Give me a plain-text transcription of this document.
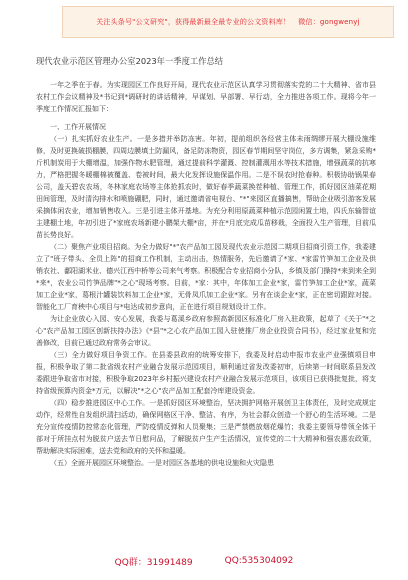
关注头条号"公文研究"，获得最新最全最专业的公文资料库！ 微信：gongwenyj
现代农业示范区管理办公室2023年一季度工作总结

一年之季在于春。为实现园区工作良好开局，现代农业示范区认真学习贯彻落实党的二十大精神、省市县农村工作会议精神及*书记到*调研时的讲话精神，早谋划、早部署、早行动，全力推进各项工作。现将今年一季度工作情况汇报如下：

一、工作开展情况

（一）扎实抓好农业生产。一是多措并举防冻害。年初，提前组织各经营主体未雨绸缪开展大棚设施维修，及时更换破损棚膜，四周边膜填土防漏风，备足防冻物资，园区春节期间坚守岗位，多方调集，紧急采购*斤机制炭用于大棚增温，加强作物水肥管理，通过提前科学灌溉、控制灌溉用水等技术措施，增强蔬菜的抗寒力，严格把握冬暖棚棉被覆盖、卷被时间，最大化发挥设施保温作用。二是不误农时抢春种。积极协助锅果春公司，盖天碧农农场，冬林家庭农场等主体抢抓农时，做好春季蔬菜换茬种植、管理工作，抓好园区油菜花期田间管理，及时清沟排水和喷施硼肥，同时，通过邀请省电视台、"*"来园区直播搞售，帮助企业吸引游客发展采摘体闲农业，增加销售收入。三是引进主体开基地。为充分利用原蔬菜种植示范园闲置土地，四氏东输智谊主建棚土地，年初引进了*家庭农场新建小鹏架大棚*亩，并在*月底完成瓜苗移栽，全面投入生产管理，目前瓜苗长势良好。

（二）聚焦产业项目招商。为全力做好"*"农产品加工园及现代农业示范园二期项目招商引资工作，我委建立了"班子带头、全员上阵"的招商工作机制，主动出击，热情服务，先后邀请了*家、*家雷竹笋加工企业及供销农社、鄱阳湖米业、德兴江西中桥等公司来气考察。积极配合专业招商小分队，乡镇及部门操持*来到来全到*来*，农业公司竹笋品牌"*之心"现场考察。目前，*家：其中，年体加工企业*家，雷竹笋加工企业*家，蔬菜加工企业*家，葛根汁罐装饮料加工企业*家，无骨凤爪加工企业*家。另有在谈企业*家，正在密切跟踪对接。智能化工厂育秧中心项目与*电达成初步意向，正在进行项目规划设计工作。

为让企业放心入园、安心发展，我委与葛溪乡政府参照高新园区标准化厂房入驻政策，起草了《关于"*之心"农产品加工园区创新扶持办法》《*县"*之心农产品加工园入驻使推厂房企业投资合同书》，经过家业复和完善修改，目前已通过政府常务会审议。

（三）全力做好项目争资工作。在县委县政府的统筹安排下，我委及时启动申报市农业产业强镇项目申报，积极争取了第二批省级农村产业融合发展示范园项目，顺利通过省发改委初审，后续第一时间联系县发改委跟进争取省市对接，积极争取2023年乡村振兴建设农村产业融合发展示范项目，该项目已获得批复批，将支持省级预算内资金*万元，以解决"*之心"农产品加工配套冷库建设资金。

（四）稳步推进园区中心工作。一是抓好园区环境整治，坚决拥护网格开展创卫主体责任，及时完成规定动作，经常性自发组织清扫活动，确保网格区干净、整洁、有序，为社会群众创造一个舒心的生活环境。二是充分宣传疫情防控常态化管理，严防疫情反弹和人员聚集；三是严禁燃放烟花爆竹；我委主要领导带领全体干部对于所挂点村为脱贫户送去节日慰问品，了解脱贫户生产生活情况，宣传党的二十大精神和强农惠农政策，帮助解决实际困难，送去党和政府的关怀和温暖。

（五）全面开展园区环境整治。一是对园区各基地的供电设施和火灾隐患

QQ群：31991489	QQ:535304092
